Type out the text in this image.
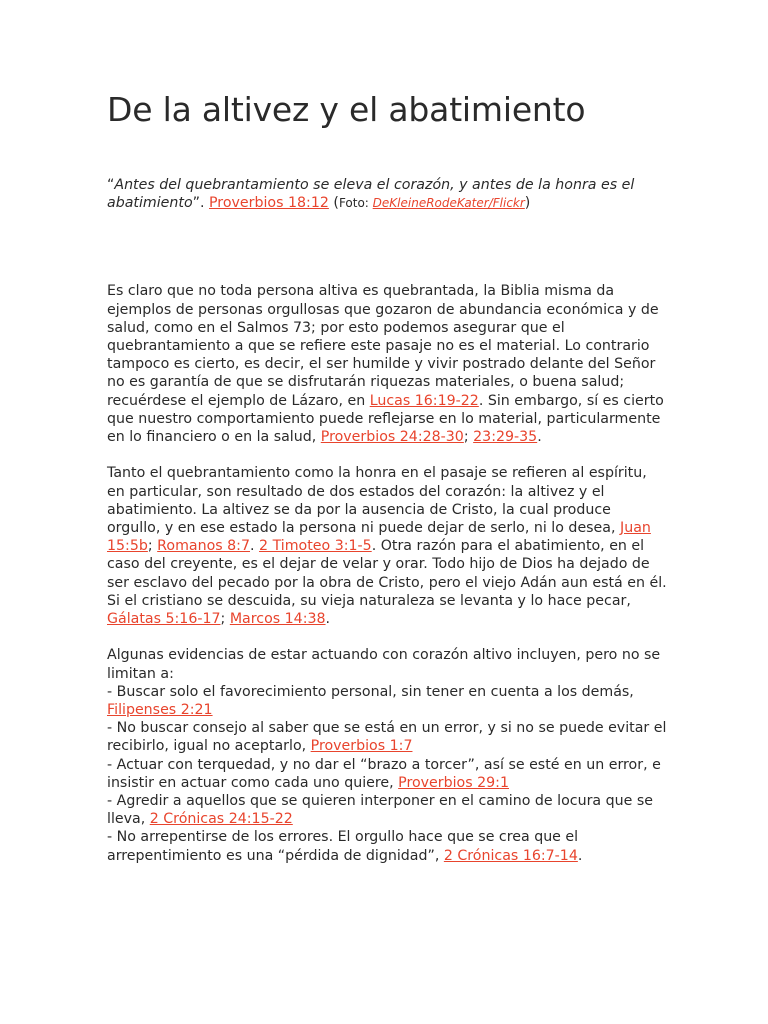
De la altivez y el abatimiento
“Antes del quebrantamiento se eleva el corazón, y antes de la honra es el abatimiento”. Proverbios 18:12 (Foto: DeKleineRodeKater/Flickr)

Es claro que no toda persona altiva es quebrantada, la Biblia misma da ejemplos de personas orgullosas que gozaron de abundancia económica y de salud, como en el Salmos 73; por esto podemos asegurar que el quebrantamiento a que se refiere este pasaje no es el material. Lo contrario tampoco es cierto, es decir, el ser humilde y vivir postrado delante del Señor no es garantía de que se disfrutarán riquezas materiales, o buena salud; recuérdese el ejemplo de Lázaro, en Lucas 16:19-22. Sin embargo, sí es cierto que nuestro comportamiento puede reflejarse en lo material, particularmente en lo financiero o en la salud, Proverbios 24:28-30; 23:29-35.

Tanto el quebrantamiento como la honra en el pasaje se refieren al espíritu, en particular, son resultado de dos estados del corazón: la altivez y el abatimiento. La altivez se da por la ausencia de Cristo, la cual produce orgullo, y en ese estado la persona ni puede dejar de serlo, ni lo desea, Juan 15:5b; Romanos 8:7. 2 Timoteo 3:1-5. Otra razón para el abatimiento, en el caso del creyente, es el dejar de velar y orar. Todo hijo de Dios ha dejado de ser esclavo del pecado por la obra de Cristo, pero el viejo Adán aun está en él. Si el cristiano se descuida, su vieja naturaleza se levanta y lo hace pecar, Gálatas 5:16-17; Marcos 14:38.

Algunas evidencias de estar actuando con corazón altivo incluyen, pero no se limitan a:
- Buscar solo el favorecimiento personal, sin tener en cuenta a los demás, Filipenses 2:21
- No buscar consejo al saber que se está en un error, y si no se puede evitar el recibirlo, igual no aceptarlo, Proverbios 1:7
- Actuar con terquedad, y no dar el “brazo a torcer”, así se esté en un error, e insistir en actuar como cada uno quiere, Proverbios 29:1
- Agredir a aquellos que se quieren interponer en el camino de locura que se lleva, 2 Crónicas 24:15-22
- No arrepentirse de los errores. El orgullo hace que se crea que el arrepentimiento es una “pérdida de dignidad”, 2 Crónicas 16:7-14.
